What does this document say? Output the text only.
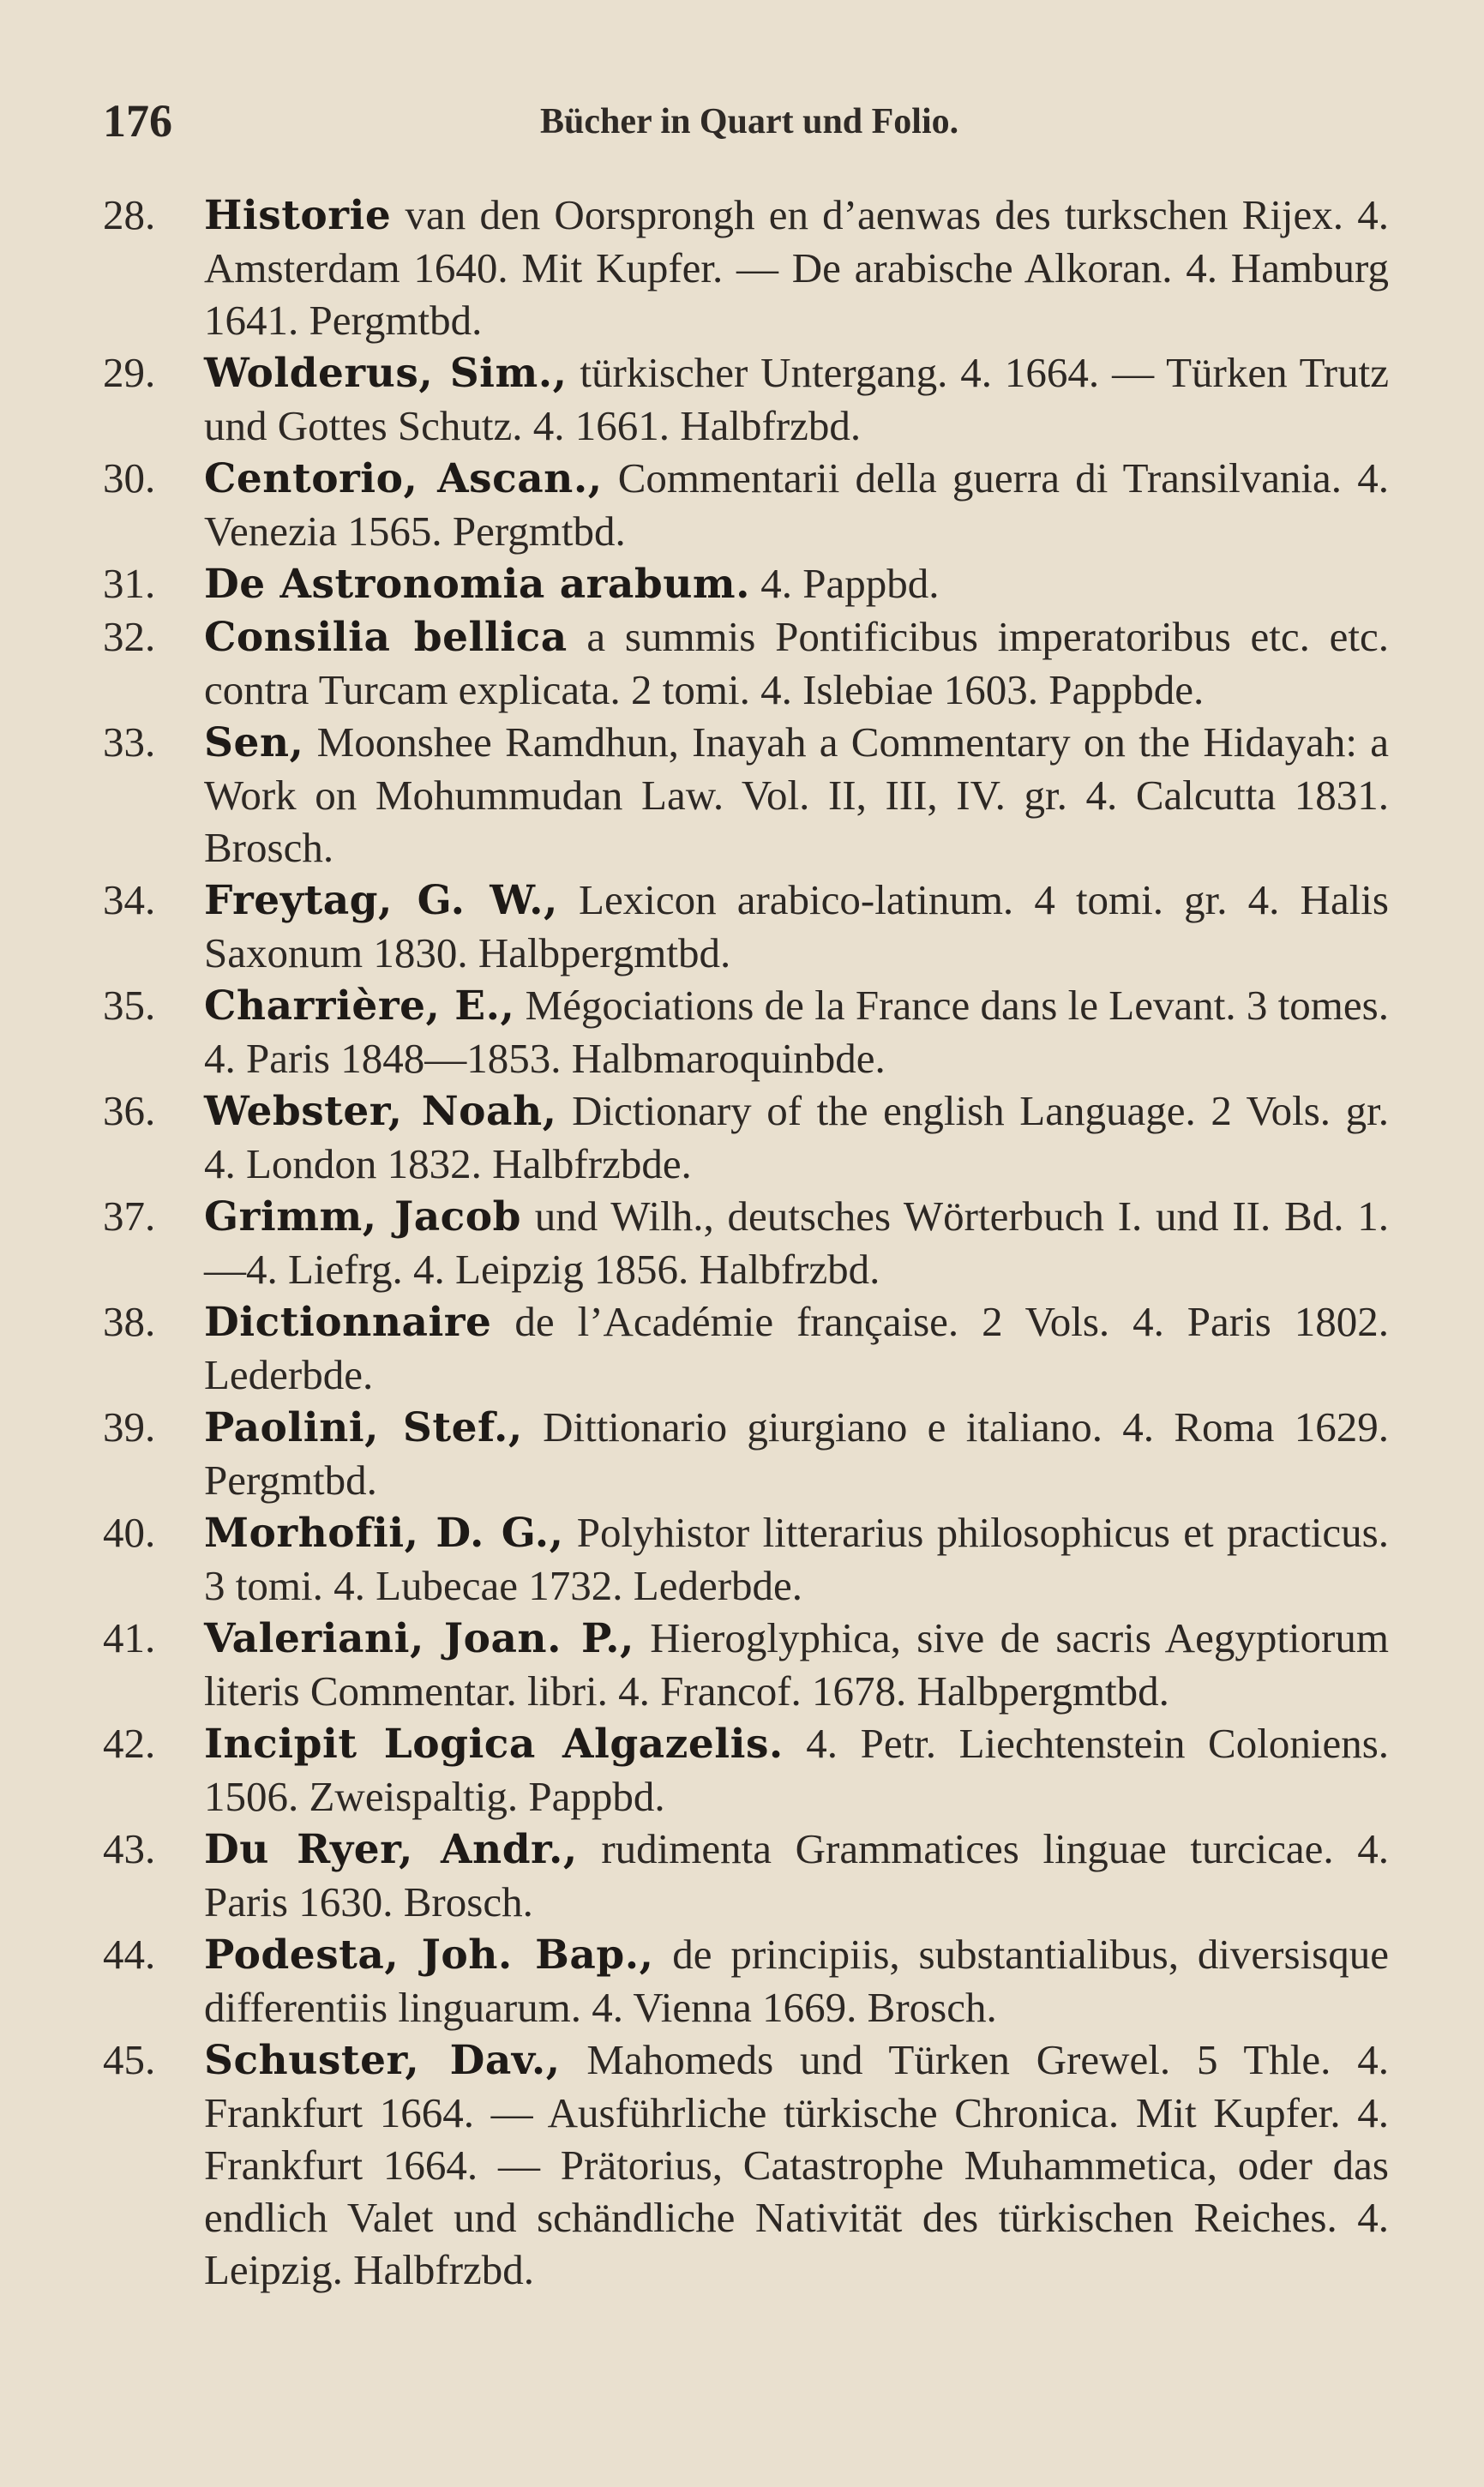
176	Bücher in Quart und Folio.
28.	Historie van den Oorsprongh en d’aenwas des turkschen Rijex. 4. Amsterdam 1640. Mit Kupfer. — De arabische Alkoran. 4. Hamburg 1641. Pergmtbd.
29.	Wolderus, Sim., türkischer Untergang. 4. 1664. — Türken Trutz und Gottes Schutz. 4. 1661. Halbfrzbd.
30.	Centorio, Ascan., Commentarii della guerra di Transilvania. 4. Venezia 1565. Pergmtbd.
31.	De Astronomia arabum. 4. Pappbd.
32.	Consilia bellica a summis Pontificibus imperatoribus etc. etc. contra Turcam explicata. 2 tomi. 4. Islebiae 1603. Pappbde.
33.	Sen, Moonshee Ramdhun, Inayah a Commentary on the Hidayah: a Work on Mohummudan Law. Vol. II, III, IV. gr. 4. Calcutta 1831. Brosch.
34.	Freytag, G. W., Lexicon arabico-latinum. 4 tomi. gr. 4. Halis Saxonum 1830. Halbpergmtbd.
35.	Charrière, E., Mégociations de la France dans le Levant. 3 tomes. 4. Paris 1848—1853. Halbmaroquinbde.
36.	Webster, Noah, Dictionary of the english Language. 2 Vols. gr. 4. London 1832. Halbfrzbde.
37.	Grimm, Jacob und Wilh., deutsches Wörterbuch I. und II. Bd. 1.—4. Liefrg. 4. Leipzig 1856. Halbfrzbd.
38.	Dictionnaire de l’Académie française. 2 Vols. 4. Paris 1802. Lederbde.
39.	Paolini, Stef., Dittionario giurgiano e italiano. 4. Roma 1629. Pergmtbd.
40.	Morhofii, D. G., Polyhistor litterarius philosophicus et practicus. 3 tomi. 4. Lubecae 1732. Lederbde.
41.	Valeriani, Joan. P., Hieroglyphica, sive de sacris Aegyptiorum literis Commentar. libri. 4. Francof. 1678. Halbpergmtbd.
42.	Incipit Logica Algazelis. 4. Petr. Liechtenstein Coloniens. 1506. Zweispaltig. Pappbd.
43.	Du Ryer, Andr., rudimenta Grammatices linguae turcicae. 4. Paris 1630. Brosch.
44.	Podesta, Joh. Bap., de principiis, substantialibus, diversisque differentiis linguarum. 4. Vienna 1669. Brosch.
45.	Schuster, Dav., Mahomeds und Türken Grewel. 5 Thle. 4. Frankfurt 1664. — Ausführliche türkische Chronica. Mit Kupfer. 4. Frankfurt 1664. — Prätorius, Catastrophe Muhammetica, oder das endlich Valet und schändliche Nativität des türkischen Reiches. 4. Leipzig. Halbfrzbd.
